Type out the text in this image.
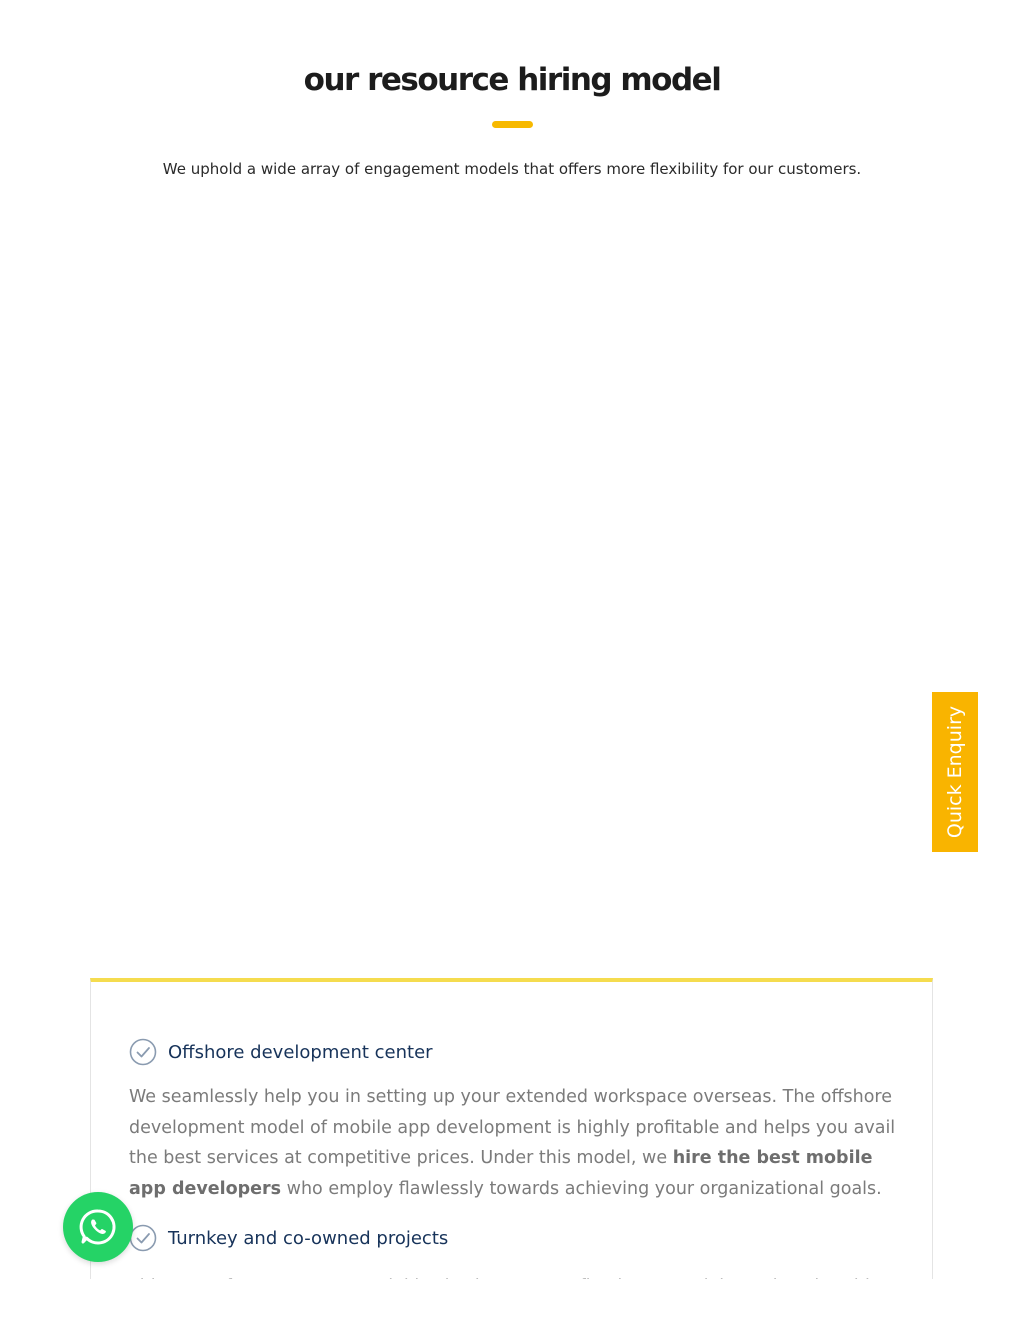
our resource hiring model

We uphold a wide array of engagement models that offers more flexibility for our customers.

Quick Enquiry
Offshore development center

We seamlessly help you in setting up your extended workspace overseas. The offshore development model of mobile app development is highly profitable and helps you avail the best services at competitive prices. Under this model, we hire the best mobile app developers who employ flawlessly towards achieving your organizational goals.

Turnkey and co-owned projects
